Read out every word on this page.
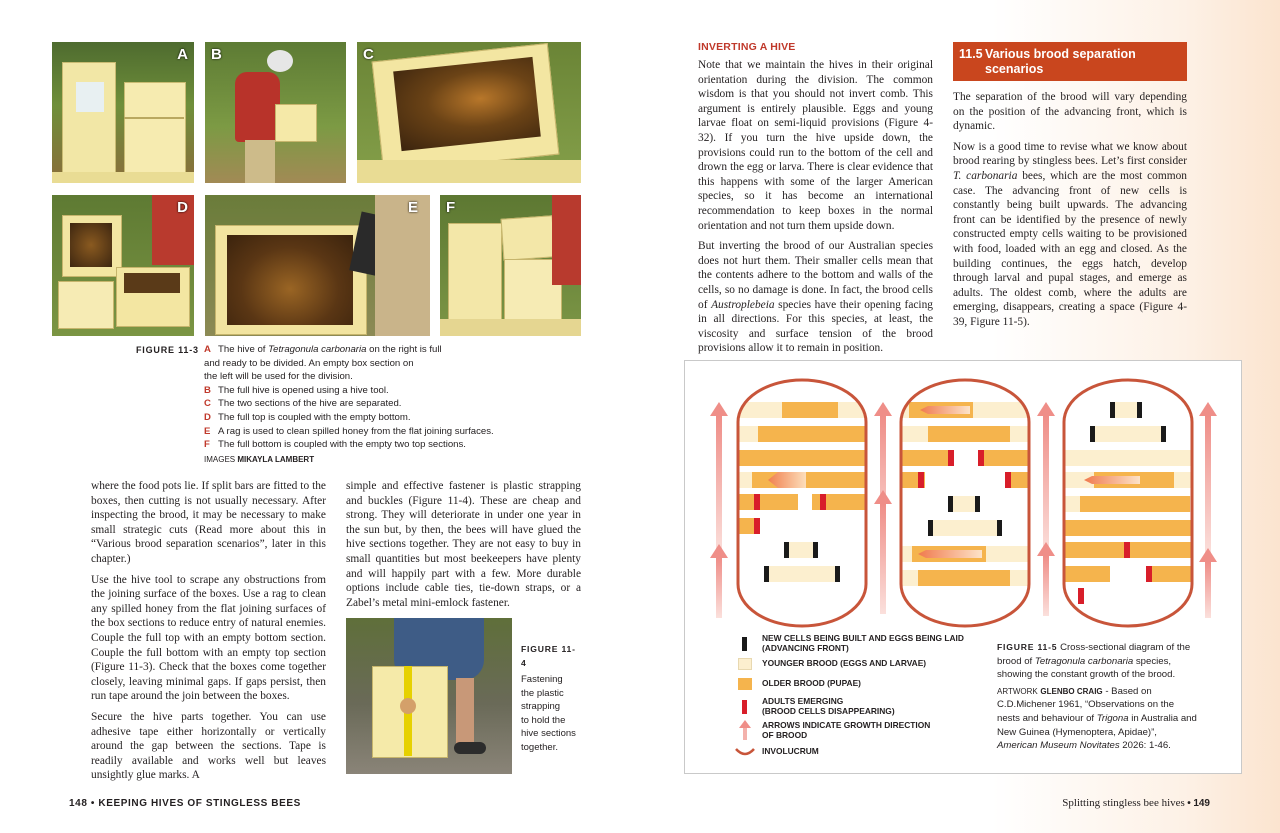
A B	C
D	E F
FIGURE 11-3 A The hive of Tetragonula carbonaria on the right is full
and ready to be divided. An empty box section on
the left will be used for the division.
B The full hive is opened using a hive tool.
C The two sections of the hive are separated.
D The full top is coupled with the empty bottom.
E A rag is used to clean spilled honey from the flat joining surfaces.
F The full bottom is coupled with the empty two top sections.
IMAGES MIKAYLA LAMBERT

where the food pots lie. If split bars are fitted to the boxes, then cutting is not usually necessary. After inspecting the brood, it may be necessary to make small strategic cuts (Read more about this in “Various brood separation scenarios”, later in this chapter.)

Use the hive tool to scrape any obstructions from the joining surface of the boxes. Use a rag to clean any spilled honey from the flat joining surfaces of the box sections to reduce entry of natural enemies. Couple the full top with an empty bottom section. Couple the full bottom with an empty top section (Figure 11-3). Check that the boxes come together closely, leaving minimal gaps. If gaps persist, then run tape around the join between the boxes.

Secure the hive parts together. You can use adhesive tape either horizontally or vertically around the gap between the sections. Tape is readily available and works well but leaves unsightly glue marks. A

simple and effective fastener is plastic strapping and buckles (Figure 11-4). These are cheap and strong. They will deteriorate in under one year in the sun but, by then, the bees will have glued the hive sections together. They are not easy to buy in small quantities but most beekeepers have plenty and will happily part with a few. More durable options include cable ties, tie-down straps, or a Zabel’s metal mini-emlock fastener.

FIGURE 11-4
Fastening
the plastic
strapping
to hold the
hive sections
together.
148 • KEEPING HIVES OF STINGLESS BEES
INVERTING A HIVE

Note that we maintain the hives in their original orientation during the division. The common wisdom is that you should not invert comb. This argument is entirely plausible. Eggs and young larvae float on semi-liquid provisions (Figure 4-32). If you turn the hive upside down, the provisions could run to the bottom of the cell and drown the egg or larva. There is clear evidence that this happens with some of the larger American species, so it has become an international recommendation to keep boxes in the normal orientation and not turn them upside down.

But inverting the brood of our Australian species does not hurt them. Their smaller cells mean that the contents adhere to the bottom and walls of the cells, so no damage is done. In fact, the brood cells of Austroplebeia species have their opening facing in all directions. For this species, at least, the viscosity and surface tension of the brood provisions allow it to remain in position.

11.5 Various brood separation
scenarios

The separation of the brood will vary depending on the position of the advancing front, which is dynamic.

Now is a good time to revise what we know about brood rearing by stingless bees. Let’s first consider T. carbonaria bees, which are the most common case. The advancing front of new cells is constantly being built upwards. The advancing front can be identified by the presence of newly constructed empty cells waiting to be provisioned with food, loaded with an egg and closed. As the building continues, the eggs hatch, develop through larval and pupal stages, and emerge as adults. The oldest comb, where the adults are emerging, disappears, creating a space (Figure 4-39, Figure 11-5).

NEW CELLS BEING BUILT AND EGGS BEING LAID
(ADVANCING FRONT)
YOUNGER BROOD (EGGS AND LARVAE)
OLDER BROOD (PUPAE)
ADULTS EMERGING
(BROOD CELLS DISAPPEARING)
ARROWS INDICATE GROWTH DIRECTION
OF BROOD
INVOLUCRUM
FIGURE 11-5 Cross-sectional diagram of the brood of Tetragonula carbonaria species, showing the constant growth of the brood.
ARTWORK GLENBO CRAIG - Based on C.D.Michener 1961, “Observations on the nests and behaviour of Trigona in Australia and New Guinea (Hymenoptera, Apidae)”, American Museum Novitates 2026: 1-46.
Splitting stingless bee hives • 149
